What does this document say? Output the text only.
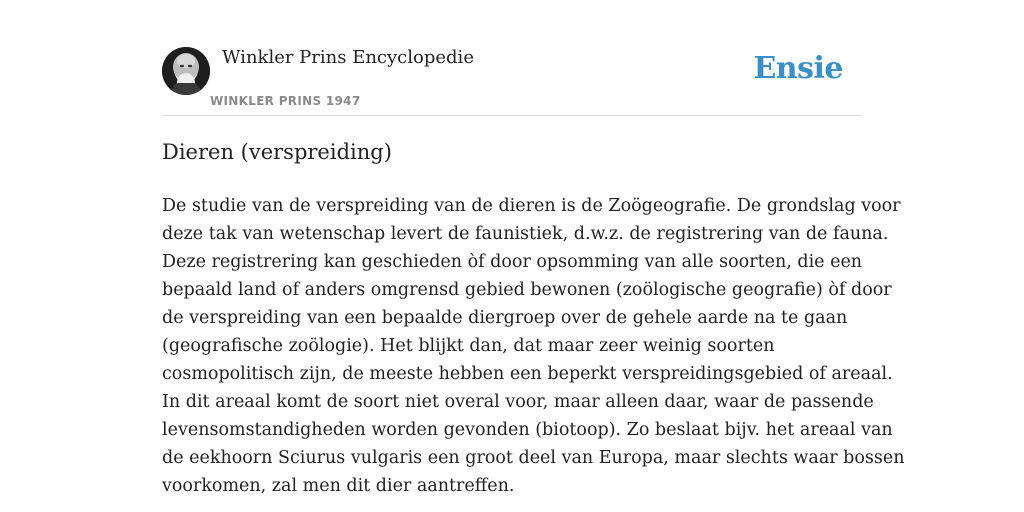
Winkler Prins Encyclopedie
WINKLER PRINS 1947
Ensie
Dieren (verspreiding)

De studie van de verspreiding van de dieren is de Zoögeografie. De grondslag voor
deze tak van wetenschap levert de faunistiek, d.w.z. de registrering van de fauna.
Deze registrering kan geschieden òf door opsomming van alle soorten, die een
bepaald land of anders omgrensd gebied bewonen (zoölogische geografie) òf door
de verspreiding van een bepaalde diergroep over de gehele aarde na te gaan
(geografische zoölogie). Het blijkt dan, dat maar zeer weinig soorten
cosmopolitisch zijn, de meeste hebben een beperkt verspreidingsgebied of areaal.
In dit areaal komt de soort niet overal voor, maar alleen daar, waar de passende
levensomstandigheden worden gevonden (biotoop). Zo beslaat bijv. het areaal van
de eekhoorn Sciurus vulgaris een groot deel van Europa, maar slechts waar bossen
voorkomen, zal men dit dier aantreffen.
